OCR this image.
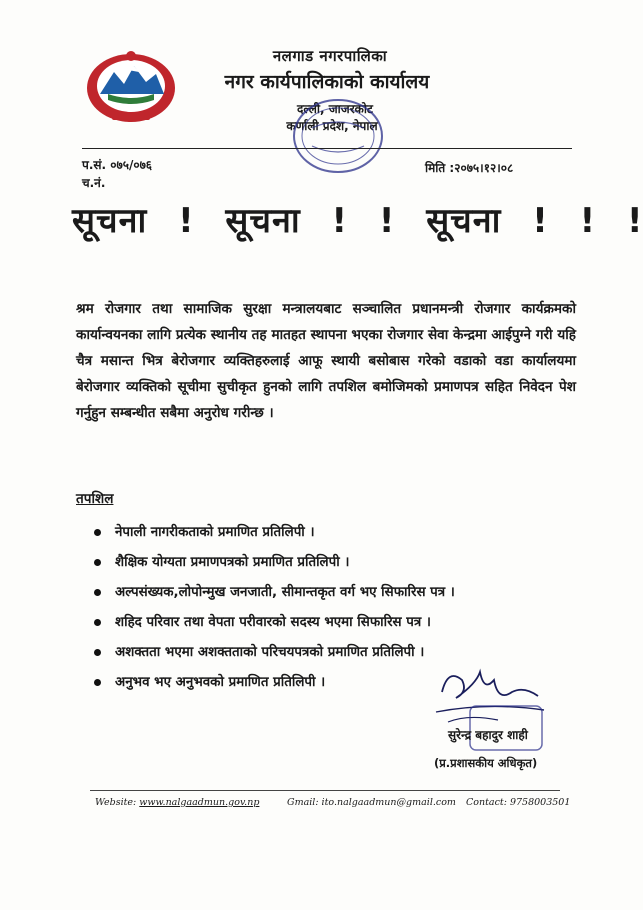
नलगाड नगरपालिका
नगर कार्यपालिकाको कार्यालय
दल्ली, जाजरकोट
कर्णाली प्रदेश, नेपाल
प.सं. ०७५/०७६
च.नं.
मिति :२०७५।१२।०८
सूचना ! सूचना ! ! सूचना ! ! !
श्रम रोजगार तथा सामाजिक सुरक्षा मन्त्रालयबाट सञ्चालित प्रधानमन्त्री रोजगार कार्यक्रमको कार्यान्वयनका लागि प्रत्येक स्थानीय तह मातहत स्थापना भएका रोजगार सेवा केन्द्रमा आईपुग्ने गरी यहि चैत्र मसान्त भित्र बेरोजगार व्यक्तिहरुलाई आफू स्थायी बसोबास गरेको वडाको वडा कार्यालयमा बेरोजगार व्यक्तिको सूचीमा सुचीकृत हुनको लागि तपशिल बमोजिमको प्रमाणपत्र सहित निवेदन पेश गर्नुहुन सम्बन्धीत सबैमा अनुरोध गरीन्छ ।
तपशिल
नेपाली नागरीकताको प्रमाणित प्रतिलिपी ।
शैक्षिक योग्यता प्रमाणपत्रको प्रमाणित प्रतिलिपी ।
अल्पसंख्यक,लोपोन्मुख जनजाती, सीमान्तकृत वर्ग भए सिफारिस पत्र ।
शहिद परिवार तथा वेपता परीवारको सदस्य भएमा सिफारिस पत्र ।
अशक्तता भएमा अशक्तताको परिचयपत्रको प्रमाणित प्रतिलिपी ।
अनुभव भए अनुभवको प्रमाणित प्रतिलिपी ।
सुरेन्द्र बहादुर शाही
(प्र.प्रशासकीय अधिकृत)
Website: www.nalgaadmun.gov.np	Gmail: ito.nalgaadmun@gmail.com Contact: 9758003501
